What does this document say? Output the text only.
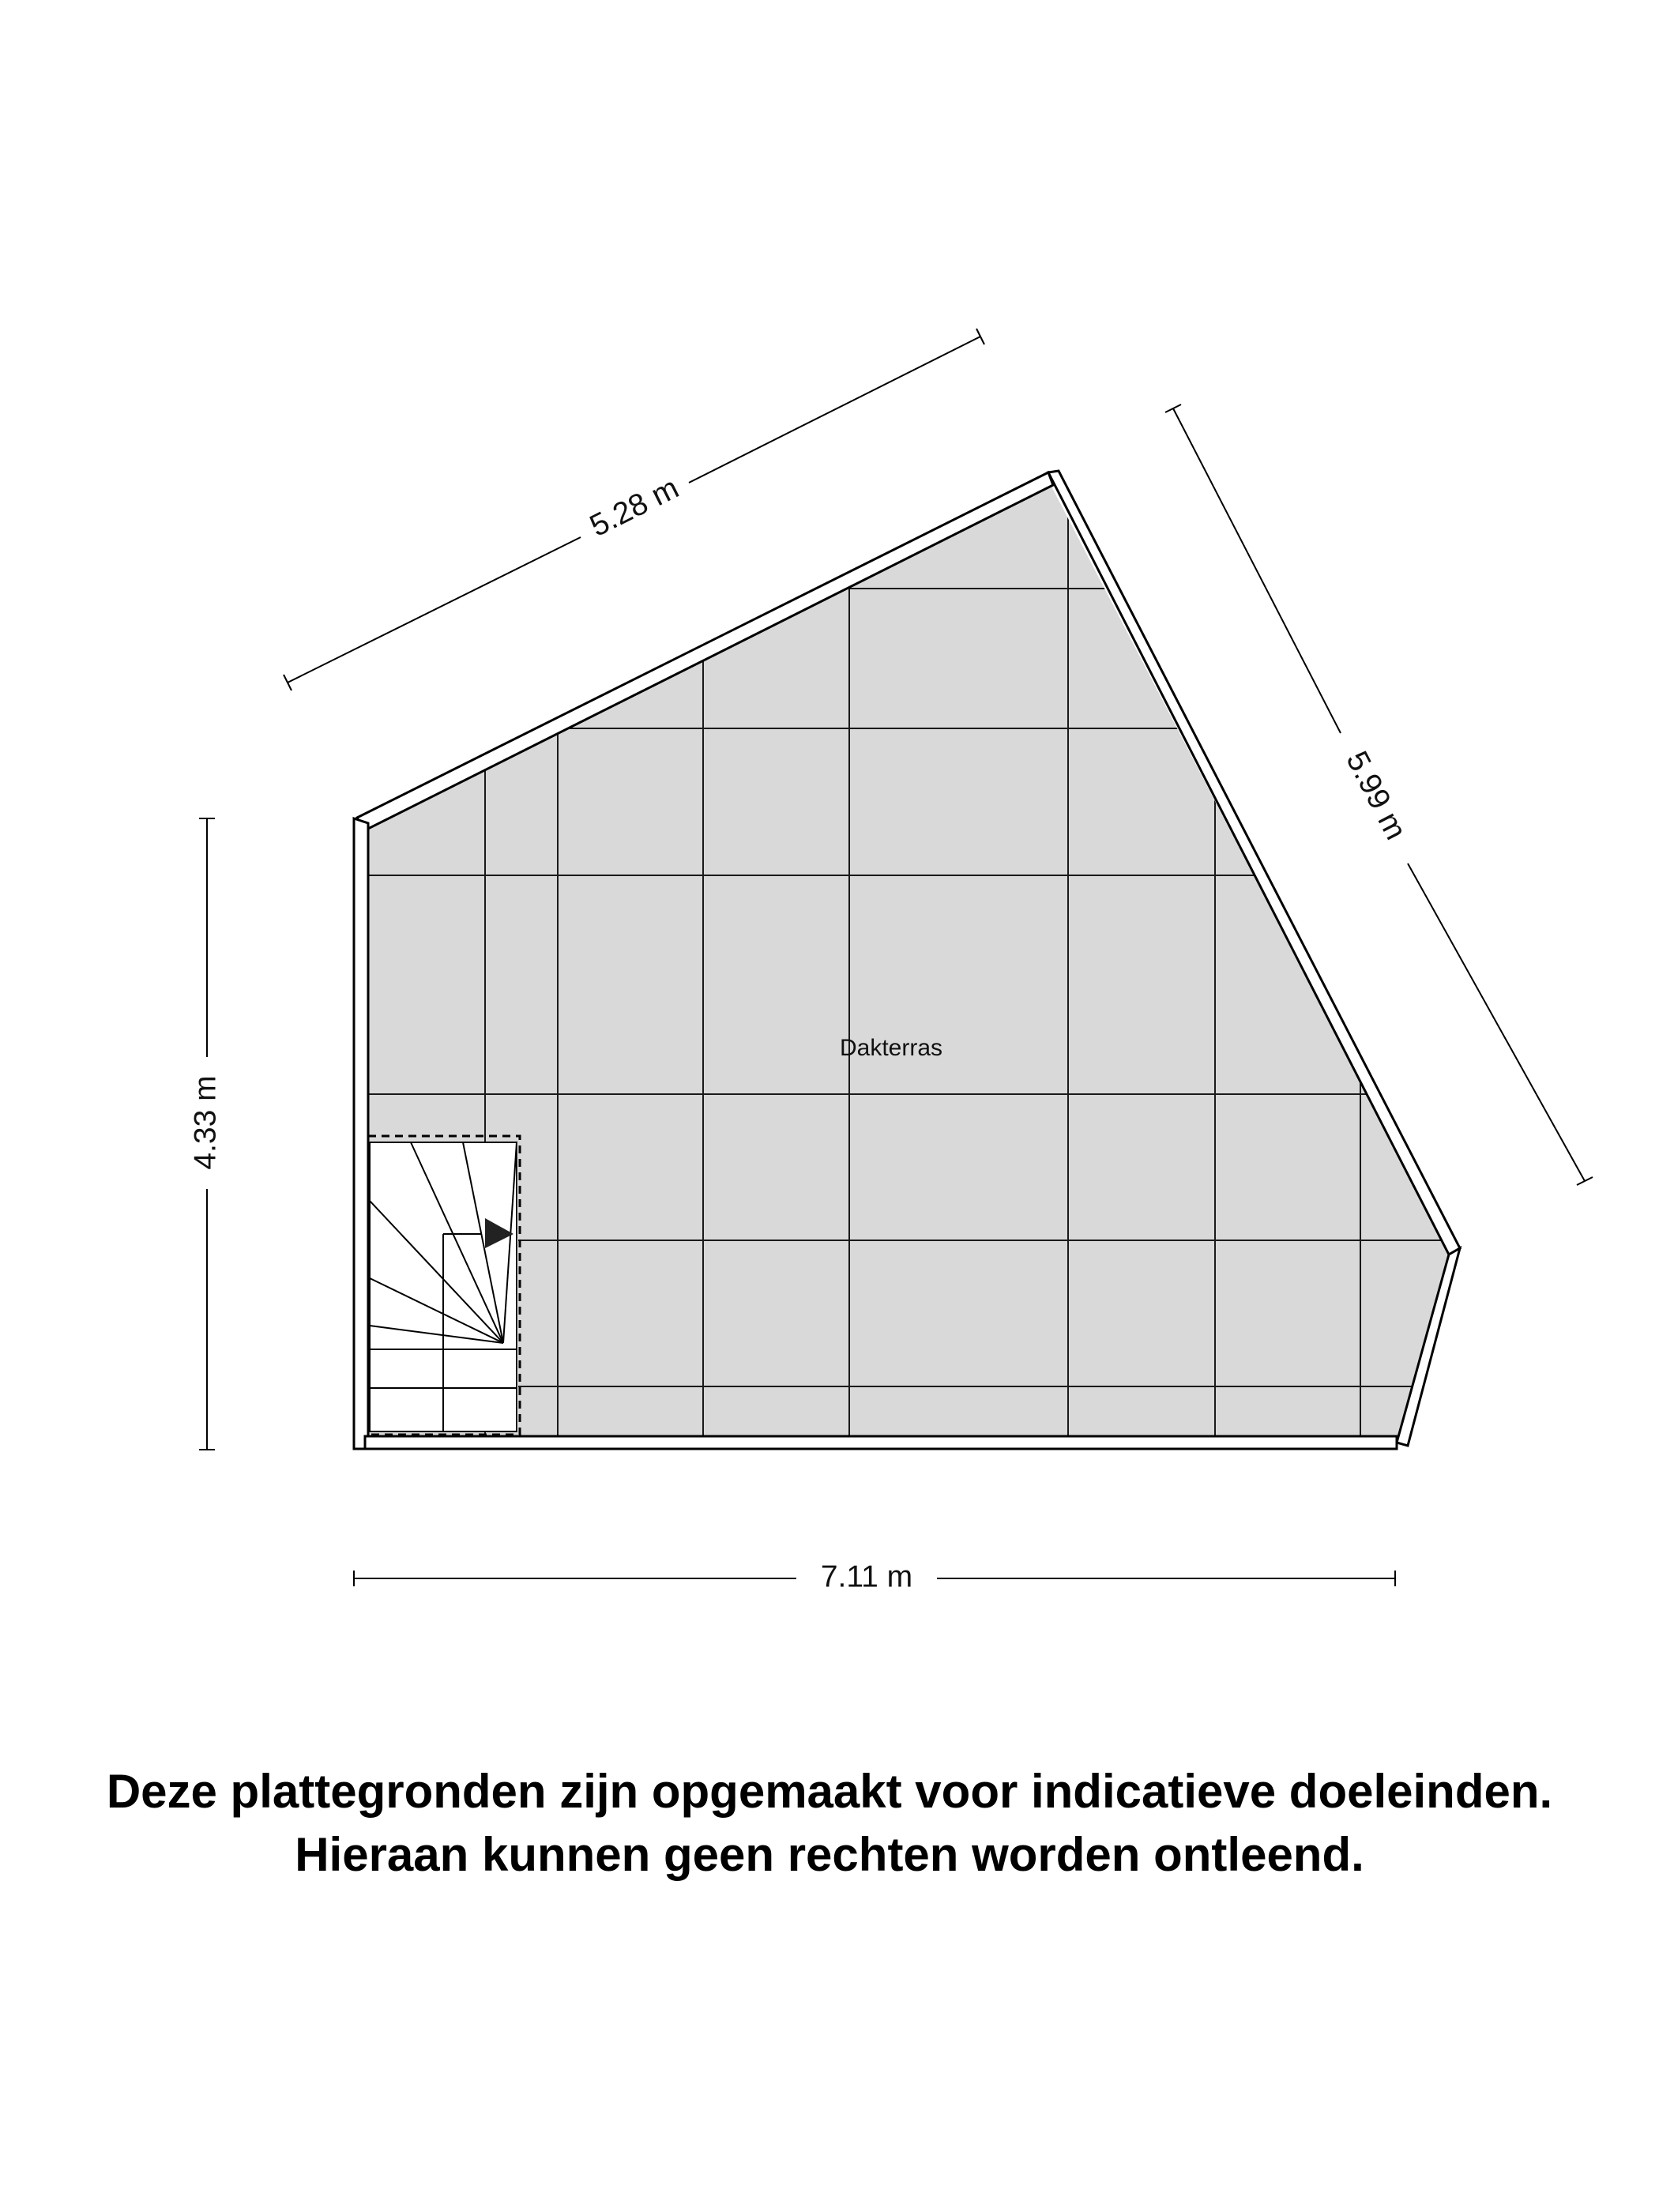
5.28 m
5.99 m
4.33 m
7.11 m
Dakterras
Deze plattegronden zijn opgemaakt voor indicatieve doeleinden.
Hieraan kunnen geen rechten worden ontleend.
